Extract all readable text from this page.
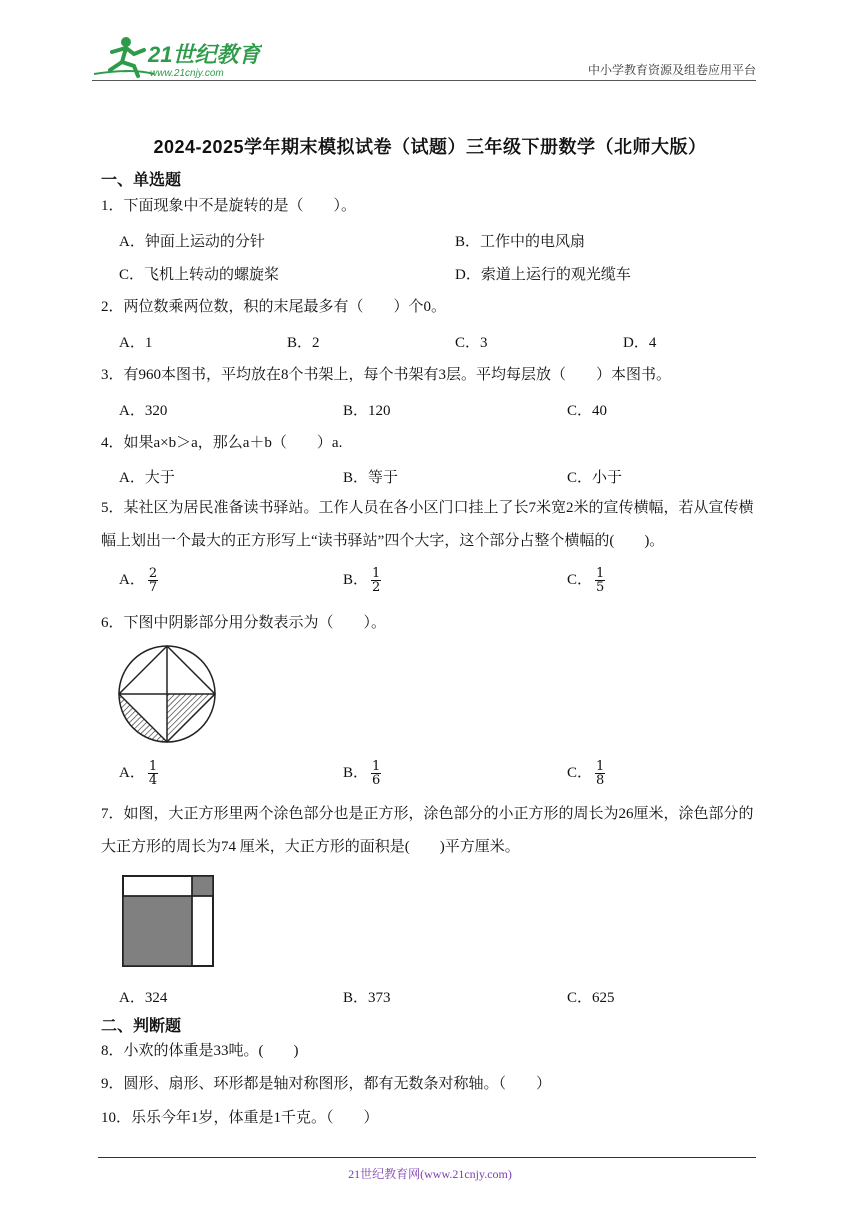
21世纪教育
www.21cnjy.com	中小学教育资源及组卷应用平台
2024-2025学年期末模拟试卷（试题）三年级下册数学（北师大版）
一、单选题
1．下面现象中不是旋转的是（　　）。
A．钟面上运动的分针	B．工作中的电风扇
C．飞机上转动的螺旋桨	D．索道上运行的观光缆车
2．两位数乘两位数，积的末尾最多有（　　）个0。
A．1	B．2	C．3	D．4
3．有960本图书，平均放在8个书架上，每个书架有3层。平均每层放（　　）本图书。
A．320	B．120	C．40
4．如果a×b＞a，那么a＋b（　　）a.
A．大于	B．等于	C．小于
5．某社区为居民准备读书驿站。工作人员在各小区门口挂上了长7米宽2米的宣传横幅，若从宣传横幅上划出一个最大的正方形写上“读书驿站”四个大字，这个部分占整个横幅的(　　)。
A． $\frac{2}{7}$	B． $\frac{1}{2}$	C． $\frac{1}{5}$
6．下图中阴影部分用分数表示为（　　）。
A． $\frac{1}{4}$	B． $\frac{1}{6}$	C． $\frac{1}{8}$
7．如图，大正方形里两个涂色部分也是正方形，涂色部分的小正方形的周长为26厘米，涂色部分的大正方形的周长为74 厘米，大正方形的面积是(　　)平方厘米。
A．324	B．373	C．625
二、判断题
8．小欢的体重是33吨。(　　)
9．圆形、扇形、环形都是轴对称图形，都有无数条对称轴。（　　）
10．乐乐今年1岁，体重是1千克。（　　）
21世纪教育网(www.21cnjy.com)
